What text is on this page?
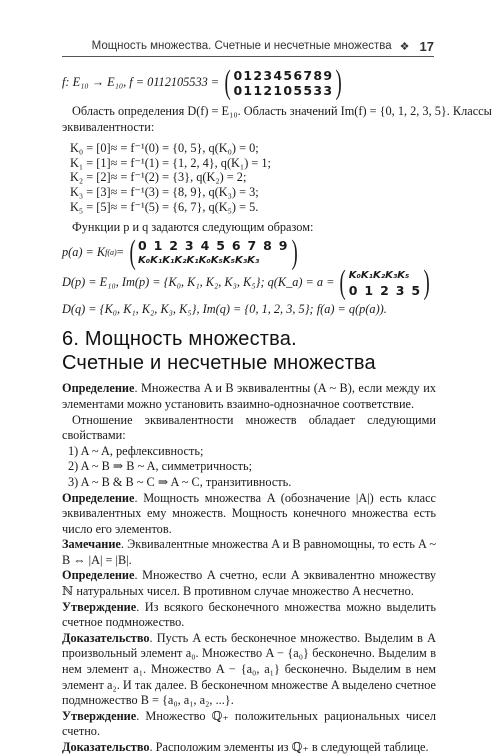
Мощность множества. Счетные и несчетные множества ❖ 17
f: E₁₀ → E₁₀, f = 0112105533 = ( 0123456789
0112105533 )
Область определения D(f) = E₁₀. Область значений Im(f) = {0, 1, 2, 3, 5}. Классы
эквивалентности:
K₀ = [0]≈ = f⁻¹(0) = {0, 5}, q(K₀) = 0;
K₁ = [1]≈ = f⁻¹(1) = {1, 2, 4}, q(K₁) = 1;
K₂ = [2]≈ = f⁻¹(2) = {3}, q(K₂) = 2;
K₃ = [3]≈ = f⁻¹(3) = {8, 9}, q(K₃) = 3;
K₅ = [5]≈ = f⁻¹(5) = {6, 7}, q(K₅) = 5.
Функции p и q задаются следующим образом:
p(a) = K f(a) = ( 0 1 2 3 4 5 6 7 8 9
K₀K₁K₁K₂K₁K₀K₅K₅K₃K₃ )
D(p) = E₁₀, Im(p) = {K₀, K₁, K₂, K₃, K₅}; q(K_a) = a = ( K₀K₁K₂K₃K₅
0 1 2 3 5 )
D(q) = {K₀, K₁, K₂, K₃, K₅}, Im(q) = {0, 1, 2, 3, 5}; f(a) = q(p(a)).
6. Мощность множества.
Счетные и несчетные множества
Определение. Множества A и B эквивалентны (A ~ B), если между их элементами можно установить взаимно-однозначное соответствие.
Отношение эквивалентности множеств обладает следующими свойствами:
1) A ~ A, рефлексивность;
2) A ~ B ⇒ B ~ A, симметричность;
3) A ~ B & B ~ C ⇒ A ~ C, транзитивность.
Определение. Мощность множества A (обозначение |A|) есть класс эквивалентных ему множеств. Мощность конечного множества есть число его элементов.
Замечание. Эквивалентные множества A и B равномощны, то есть A ~ B ⇔ |A| = |B|.
Определение. Множество A счетно, если A эквивалентно множеству ℕ натуральных чисел. В противном случае множество A несчетно.
Утверждение. Из всякого бесконечного множества можно выделить счетное подмножество.
Доказательство. Пусть A есть бесконечное множество. Выделим в A произвольный элемент a₀. Множество A − {a₀} бесконечно. Выделим в нем элемент a₁. Множество A − {a₀, a₁} бесконечно. Выделим в нем элемент a₂. И так далее. В бесконечном множестве A выделено счетное подмножество B = {a₀, a₁, a₂, ...}.
Утверждение. Множество ℚ₊ положительных рациональных чисел счетно.
Доказательство. Расположим элементы из ℚ₊ в следующей таблице.
